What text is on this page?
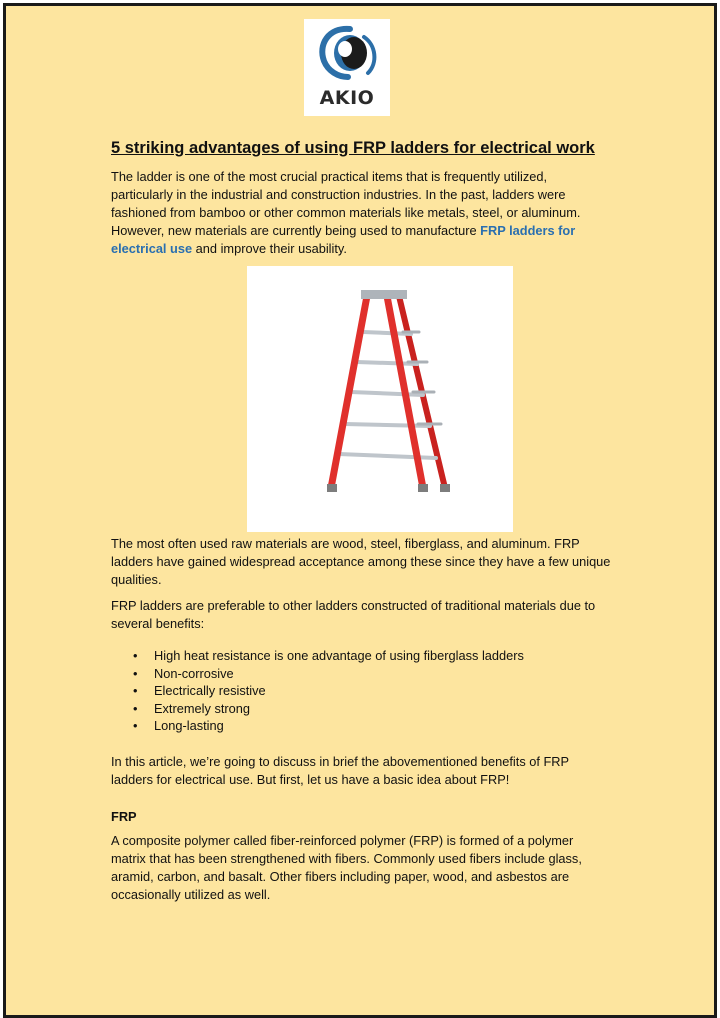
AKIO
5 striking advantages of using FRP ladders for electrical work

The ladder is one of the most crucial practical items that is frequently utilized, particularly in the industrial and construction industries. In the past, ladders were fashioned from bamboo or other common materials like metals, steel, or aluminum. However, new materials are currently being used to manufacture FRP ladders for electrical use and improve their usability.

The most often used raw materials are wood, steel, fiberglass, and aluminum. FRP ladders have gained widespread acceptance among these since they have a few unique qualities.

FRP ladders are preferable to other ladders constructed of traditional materials due to several benefits:

• High heat resistance is one advantage of using fiberglass ladders
• Non-corrosive
• Electrically resistive
• Extremely strong
• Long-lasting

In this article, we’re going to discuss in brief the abovementioned benefits of FRP ladders for electrical use. But first, let us have a basic idea about FRP!

FRP

A composite polymer called fiber-reinforced polymer (FRP) is formed of a polymer matrix that has been strengthened with fibers. Commonly used fibers include glass, aramid, carbon, and basalt. Other fibers including paper, wood, and asbestos are occasionally utilized as well.
